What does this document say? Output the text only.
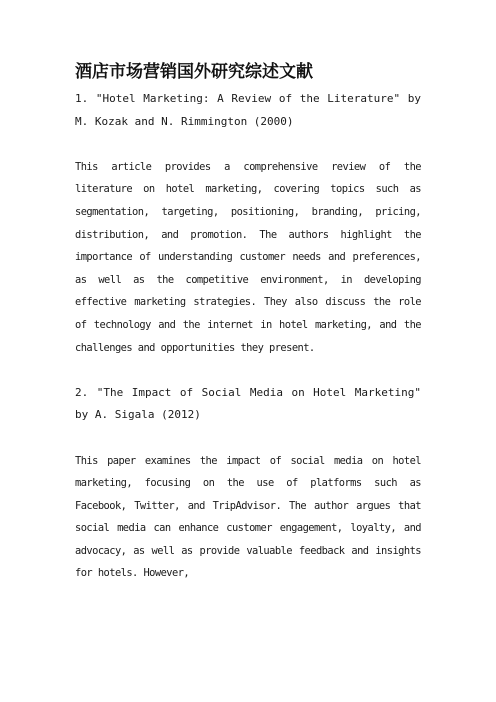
酒店市场营销国外研究综述文献

1. "Hotel Marketing: A Review of the Literature" by M. Kozak and N. Rimmington (2000)

This article provides a comprehensive review of the literature on hotel marketing, covering topics such as segmentation, targeting, positioning, branding, pricing, distribution, and promotion. The authors highlight the importance of understanding customer needs and preferences, as well as the competitive environment, in developing effective marketing strategies. They also discuss the role of technology and the internet in hotel marketing, and the challenges and opportunities they present.

2. "The Impact of Social Media on Hotel Marketing" by A. Sigala (2012)

This paper examines the impact of social media on hotel marketing, focusing on the use of platforms such as Facebook, Twitter, and TripAdvisor. The author argues that social media can enhance customer engagement, loyalty, and advocacy, as well as provide valuable feedback and insights for hotels. However,
